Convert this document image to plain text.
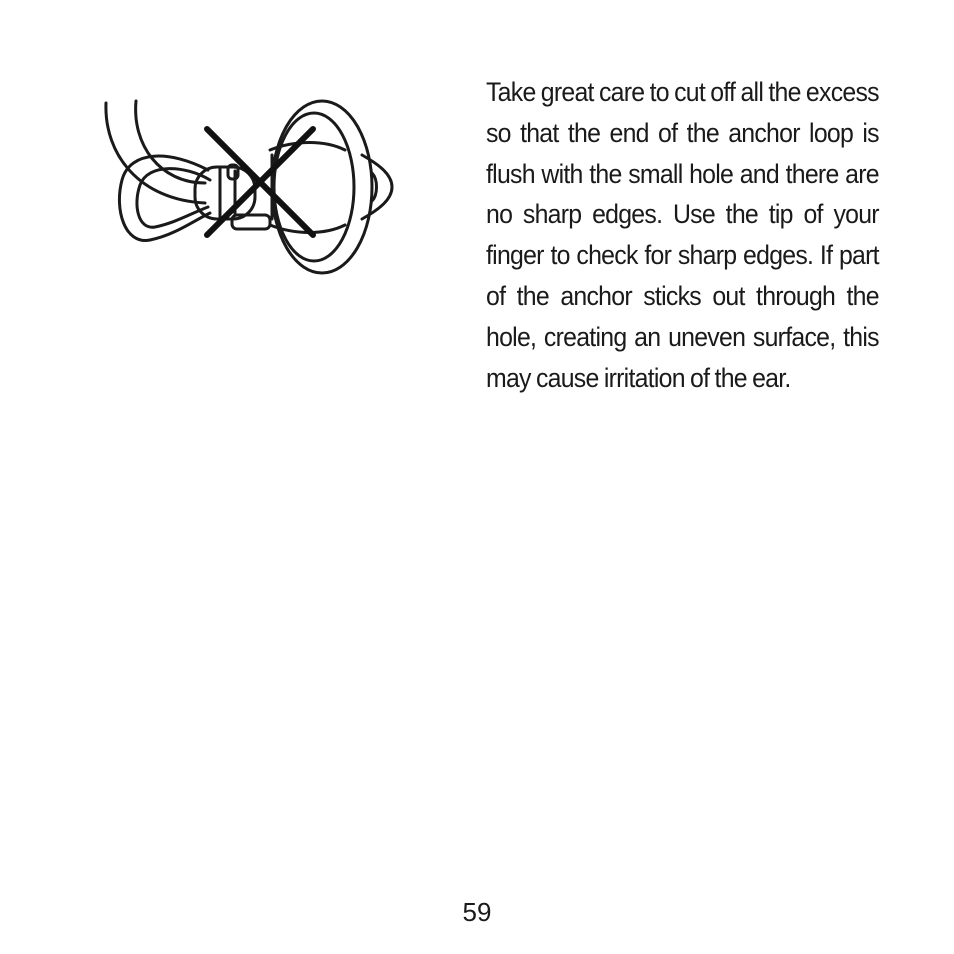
Take great care to cut off all the excess so that the end of the anchor loop is flush with the small hole and there are no sharp edges. Use the tip of your finger to check for sharp edges. If part of the anchor sticks out through the hole, creating an uneven surface, this may cause irritation of the ear.

59
